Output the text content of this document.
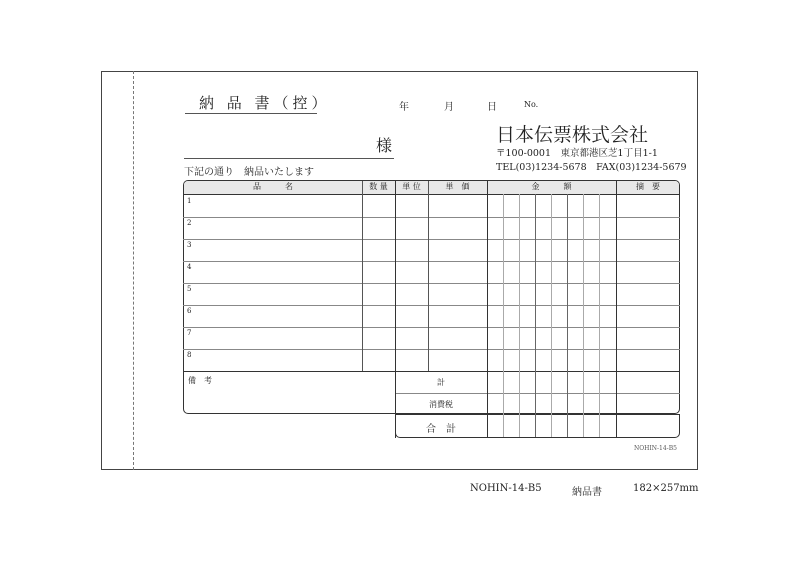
納 品 書（控）	年	月	日	No.
様
下記の通り　納品いたします
日本伝票株式会社
〒100-0001　東京都港区芝1丁目1-1
TEL(03)1234-5678　FAX(03)1234-5679
品　　　名	数 量	単 位	単　価	金　　　額	摘　要
1
2
3
4
5
6
7
8
備　考	計
消費税
合　計
NOHIN-14-B5
NOHIN-14-B5	納品書	182×257mm
